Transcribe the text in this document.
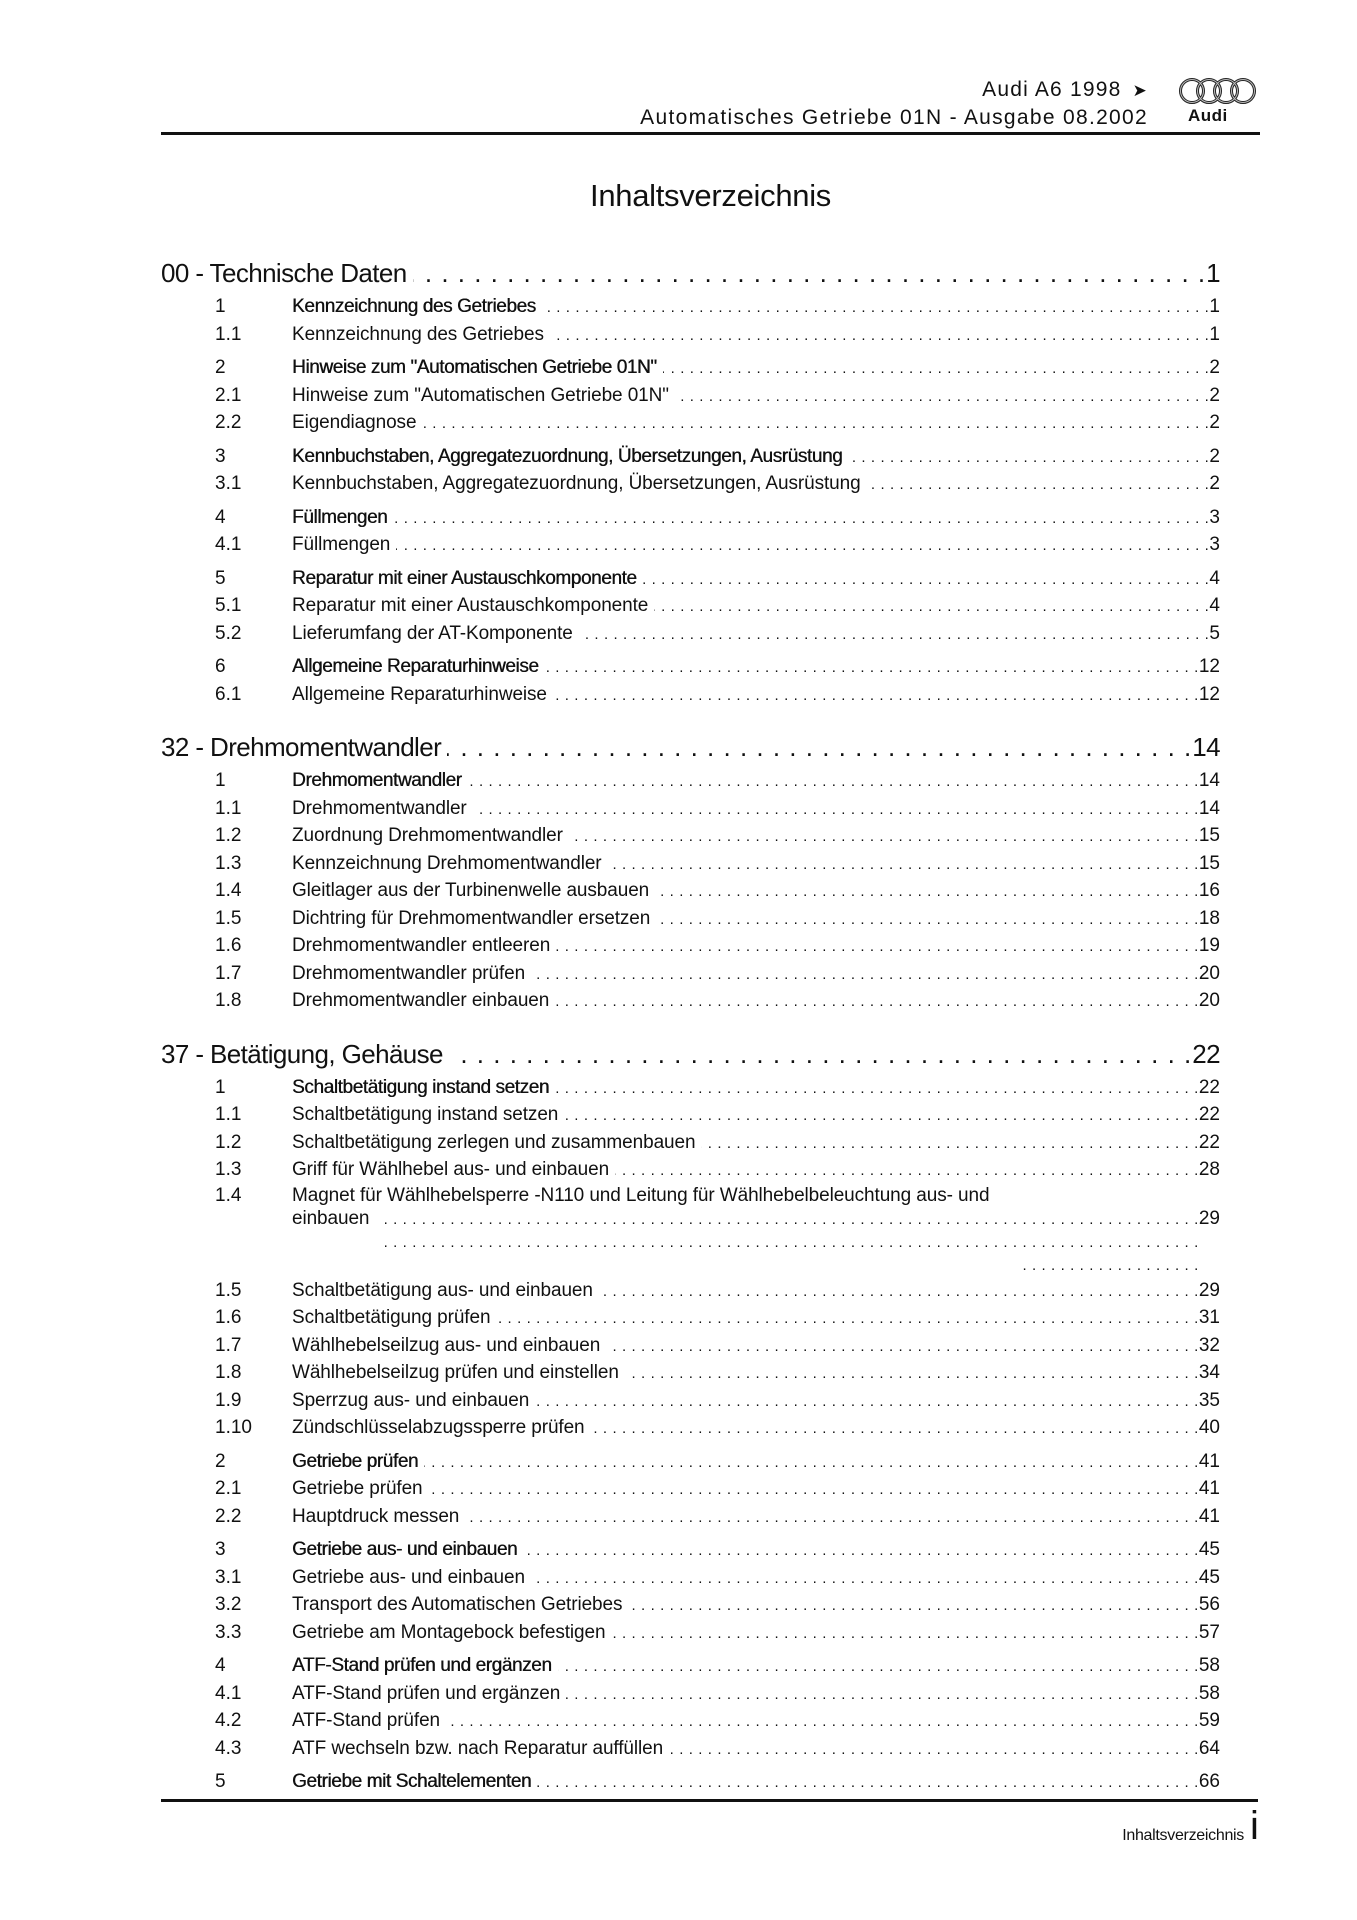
Audi A6 1998 ➤
Automatisches Getriebe 01N - Ausgabe 08.2002 Audi
Inhaltsverzeichnis
00 - Technische Daten . . .	1
1	Kennzeichnung des Getriebes . . .	1
1.1	Kennzeichnung des Getriebes . . .	1
2	Hinweise zum "Automatischen Getriebe 01N" . . .	2
2.1	Hinweise zum "Automatischen Getriebe 01N" . . .	2
2.2	Eigendiagnose . . .	2
3	Kennbuchstaben, Aggregatezuordnung, Übersetzungen, Ausrüstung . . .	2
3.1	Kennbuchstaben, Aggregatezuordnung, Übersetzungen, Ausrüstung . . .	2
4	Füllmengen . . .	3
4.1	Füllmengen . . .	3
5	Reparatur mit einer Austauschkomponente . . .	4
5.1	Reparatur mit einer Austauschkomponente . . .	4
5.2	Lieferumfang der AT-Komponente . . .	5
6	Allgemeine Reparaturhinweise . . .	12
6.1	Allgemeine Reparaturhinweise . . .	12
32 - Drehmomentwandler . . .	14
1	Drehmomentwandler . . .	14
1.1	Drehmomentwandler . . .	14
1.2	Zuordnung Drehmomentwandler . . .	15
1.3	Kennzeichnung Drehmomentwandler . . .	15
1.4	Gleitlager aus der Turbinenwelle ausbauen . . .	16
1.5	Dichtring für Drehmomentwandler ersetzen . . .	18
1.6	Drehmomentwandler entleeren . . .	19
1.7	Drehmomentwandler prüfen . . .	20
1.8	Drehmomentwandler einbauen . . .	20
37 - Betätigung, Gehäuse . . .	22
1	Schaltbetätigung instand setzen . . .	22
1.1	Schaltbetätigung instand setzen . . .	22
1.2	Schaltbetätigung zerlegen und zusammenbauen . . .	22
1.3	Griff für Wählhebel aus- und einbauen . . .	28
1.4	Magnet für Wählhebelsperre -N110 und Leitung für Wählhebelbeleuchtung aus- und
einbauen . . .	29
1.5	Schaltbetätigung aus- und einbauen . . .	29
1.6	Schaltbetätigung prüfen . . .	31
1.7	Wählhebelseilzug aus- und einbauen . . .	32
1.8	Wählhebelseilzug prüfen und einstellen . . .	34
1.9	Sperrzug aus- und einbauen . . .	35
1.10	Zündschlüsselabzugssperre prüfen . . .	40
2	Getriebe prüfen . . .	41
2.1	Getriebe prüfen . . .	41
2.2	Hauptdruck messen . . .	41
3	Getriebe aus- und einbauen . . .	45
3.1	Getriebe aus- und einbauen . . .	45
3.2	Transport des Automatischen Getriebes . . .	56
3.3	Getriebe am Montagebock befestigen . . .	57
4	ATF-Stand prüfen und ergänzen . . .	58
4.1	ATF-Stand prüfen und ergänzen . . .	58
4.2	ATF-Stand prüfen . . .	59
4.3	ATF wechseln bzw. nach Reparatur auffüllen . . .	64
5	Getriebe mit Schaltelementen . . .	66
Inhaltsverzeichnis i
